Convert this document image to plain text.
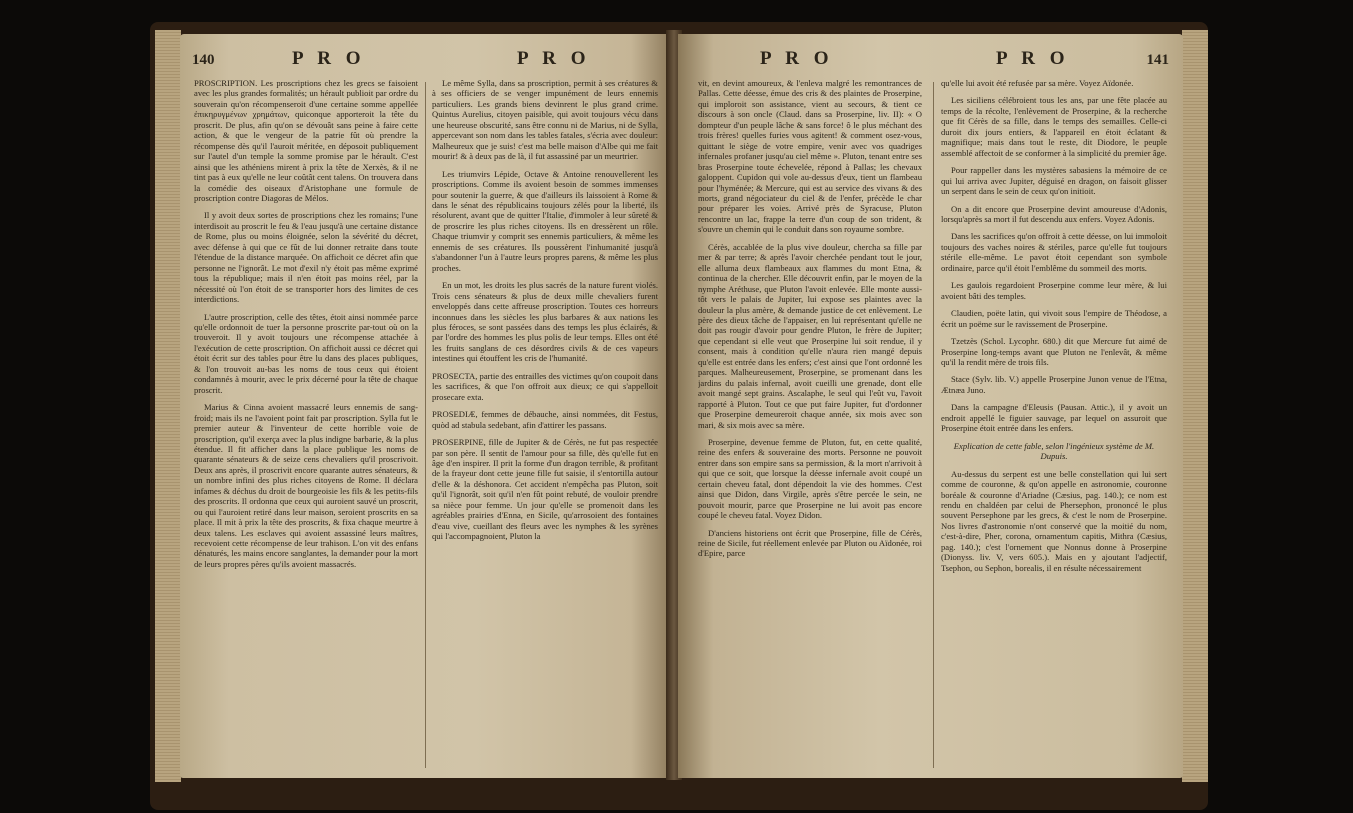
140	P R O	P R O

PROSCRIPTION. Les proscriptions chez les grecs se faisoient avec les plus grandes formalités; un hérault publioit par ordre du souverain qu'on récompenseroit d'une certaine somme appellée ἐπικηρυγμένων χρημάτων, quiconque apporteroit la tête du proscrit. De plus, afin qu'on se dévouât sans peine à faire cette action, & que le vengeur de la patrie fût où prendre la récompense dès qu'il l'auroit méritée, en déposoit publiquement sur l'autel d'un temple la somme promise par le hérault. C'est ainsi que les athéniens mirent à prix la tête de Xerxès, & il ne tint pas à eux qu'elle ne leur coûtât cent talens. On trouvera dans la comédie des oiseaux d'Aristophane une formule de proscription contre Diagoras de Mélos.

Il y avoit deux sortes de proscriptions chez les romains; l'une interdisoit au proscrit le feu & l'eau jusqu'à une certaine distance de Rome, plus ou moins éloignée, selon la sévérité du décret, avec défense à qui que ce fût de lui donner retraite dans toute l'étendue de la distance marquée. On affichoit ce décret afin que personne ne l'ignorât. Le mot d'exil n'y étoit pas même exprimé tous la république; mais il n'en étoit pas moins réel, par la nécessité où l'on étoit de se transporter hors des limites de ces interdictions.

L'autre proscription, celle des têtes, étoit ainsi nommée parce qu'elle ordonnoit de tuer la personne proscrite par-tout où on la trouveroit. Il y avoit toujours une récompense attachée à l'exécution de cette proscription. On affichoit aussi ce décret qui étoit écrit sur des tables pour être lu dans des places publiques, & l'on trouvoit au-bas les noms de tous ceux qui étoient condamnés à mourir, avec le prix décerné pour la tête de chaque proscrit.

Marius & Cinna avoient massacré leurs ennemis de sang-froid; mais ils ne l'avoient point fait par proscription. Sylla fut le premier auteur & l'inventeur de cette horrible voie de proscription, qu'il exerça avec la plus indigne barbarie, & la plus étendue. Il fit afficher dans la place publique les noms de quarante sénateurs & de seize cens chevaliers qu'il proscrivoit. Deux ans après, il proscrivit encore quarante autres sénateurs, & un nombre infini des plus riches citoyens de Rome. Il déclara infames & déchus du droit de bourgeoisie les fils & les petits-fils des proscrits. Il ordonna que ceux qui auroient sauvé un proscrit, ou qui l'auroient retiré dans leur maison, seroient proscrits en sa place. Il mit à prix la tête des proscrits, & fixa chaque meurtre à deux talens. Les esclaves qui avoient assassiné leurs maîtres, recevoient cette récompense de leur trahison. L'on vit des enfans dénaturés, les mains encore sanglantes, la demander pour la mort de leurs propres pères qu'ils avoient massacrés.

Le même Sylla, dans sa proscription, permit à ses créatures & à ses officiers de se venger impunément de leurs ennemis particuliers. Les grands biens devinrent le plus grand crime. Quintus Aurelius, citoyen paisible, qui avoit toujours vécu dans une heureuse obscurité, sans être connu ni de Marius, ni de Sylla, appercevant son nom dans les tables fatales, s'écria avec douleur: Malheureux que je suis! c'est ma belle maison d'Albe qui me fait mourir! & à deux pas de là, il fut assassiné par un meurtrier.

Les triumvirs Lépide, Octave & Antoine renouvellerent les proscriptions. Comme ils avoient besoin de sommes immenses pour soutenir la guerre, & que d'ailleurs ils laissoient à Rome & dans le sénat des républicains toujours zélés pour la liberté, ils résolurent, avant que de quitter l'Italie, d'immoler à leur sûreté & de proscrire les plus riches citoyens. Ils en dressèrent un rôle. Chaque triumvir y comprit ses ennemis particuliers, & même les ennemis de ses créatures. Ils poussèrent l'inhumanité jusqu'à s'abandonner l'un à l'autre leurs propres parens, & même les plus proches.

En un mot, les droits les plus sacrés de la nature furent violés. Trois cens sénateurs & plus de deux mille chevaliers furent enveloppés dans cette affreuse proscription. Toutes ces horreurs inconnues dans les siècles les plus barbares & aux nations les plus féroces, se sont passées dans des temps les plus éclairés, & par l'ordre des hommes les plus polis de leur temps. Elles ont été les fruits sanglans de ces désordres civils & de ces vapeurs intestines qui étouffent les cris de l'humanité.

PROSECTA, partie des entrailles des victimes qu'on coupoit dans les sacrifices, & que l'on offroit aux dieux; ce qui s'appelloit prosecare exta.

PROSEDIÆ, femmes de débauche, ainsi nommées, dit Festus, quòd ad stabula sedebant, afin d'attirer les passans.

PROSERPINE, fille de Jupiter & de Cérès, ne fut pas respectée par son père. Il sentit de l'amour pour sa fille, dès qu'elle fut en âge d'en inspirer. Il prit la forme d'un dragon terrible, & profitant de la frayeur dont cette jeune fille fut saisie, il s'entortilla autour d'elle & la déshonora. Cet accident n'empêcha pas Pluton, soit qu'il l'ignorât, soit qu'il n'en fût point rebuté, de vouloir prendre sa nièce pour femme. Un jour qu'elle se promenoit dans les agréables prairies d'Enna, en Sicile, qu'arrosoient des fontaines d'eau vive, cueillant des fleurs avec les nymphes & les syrènes qui l'accompagnoient, Pluton la

P R O	P R O	141

vit, en devint amoureux, & l'enleva malgré les remontrances de Pallas. Cette déesse, émue des cris & des plaintes de Proserpine, qui imploroit son assistance, vient au secours, & tient ce discours à son oncle (Claud. dans sa Proserpine, liv. II): « O dompteur d'un peuple lâche & sans force! ô le plus méchant des trois frères! quelles furies vous agitent! & comment osez-vous, quittant le siège de votre empire, venir avec vos quadriges infernales profaner jusqu'au ciel même ». Pluton, tenant entre ses bras Proserpine toute échevelée, répond à Pallas; les chevaux galoppent. Cupidon qui vole au-dessus d'eux, tient un flambeau pour l'hyménée; & Mercure, qui est au service des vivans & des morts, grand négociateur du ciel & de l'enfer, précède le char pour préparer les voies. Arrivé près de Syracuse, Pluton rencontre un lac, frappe la terre d'un coup de son trident, & s'ouvre un chemin qui le conduit dans son royaume sombre.

Cérès, accablée de la plus vive douleur, chercha sa fille par mer & par terre; & après l'avoir cherchée pendant tout le jour, elle alluma deux flambeaux aux flammes du mont Etna, & continua de la chercher. Elle découvrit enfin, par le moyen de la nymphe Aréthuse, que Pluton l'avoit enlevée. Elle monte aussi-tôt vers le palais de Jupiter, lui expose ses plaintes avec la douleur la plus amère, & demande justice de cet enlèvement. Le père des dieux tâche de l'appaiser, en lui représentant qu'elle ne doit pas rougir d'avoir pour gendre Pluton, le frère de Jupiter; que cependant si elle veut que Proserpine lui soit rendue, il y consent, mais à condition qu'elle n'aura rien mangé depuis qu'elle est entrée dans les enfers; c'est ainsi que l'ont ordonné les parques. Malheureusement, Proserpine, se promenant dans les jardins du palais infernal, avoit cueilli une grenade, dont elle avoit mangé sept grains. Ascalaphe, le seul qui l'eût vu, l'avoit rapporté à Pluton. Tout ce que put faire Jupiter, fut d'ordonner que Proserpine demeureroit chaque année, six mois avec son mari, & six mois avec sa mère.

Proserpine, devenue femme de Pluton, fut, en cette qualité, reine des enfers & souveraine des morts. Personne ne pouvoit entrer dans son empire sans sa permission, & la mort n'arrivoit à qui que ce soit, que lorsque la déesse infernale avoit coupé un certain cheveu fatal, dont dépendoit la vie des hommes. C'est ainsi que Didon, dans Virgile, après s'être percée le sein, ne pouvoit mourir, parce que Proserpine ne lui avoit pas encore coupé le cheveu fatal. Voyez Didon.

D'anciens historiens ont écrit que Proserpine, fille de Cérès, reine de Sicile, fut réellement enlevée par Pluton ou Aïdonée, roi d'Epire, parce

qu'elle lui avoit été refusée par sa mère. Voyez Aïdonée.

Les siciliens célébroient tous les ans, par une fête placée au temps de la récolte, l'enlèvement de Proserpine, & la recherche que fit Cérès de sa fille, dans le temps des semailles. Celle-ci duroit dix jours entiers, & l'appareil en étoit éclatant & magnifique; mais dans tout le reste, dit Diodore, le peuple assemblé affectoit de se conformer à la simplicité du premier âge.

Pour rappeller dans les mystères sabasiens la mémoire de ce qui lui arriva avec Jupiter, déguisé en dragon, on faisoit glisser un serpent dans le sein de ceux qu'on initioit.

On a dit encore que Proserpine devint amoureuse d'Adonis, lorsqu'après sa mort il fut descendu aux enfers. Voyez Adonis.

Dans les sacrifices qu'on offroit à cette déesse, on lui immoloit toujours des vaches noires & stériles, parce qu'elle fut toujours stérile elle-même. Le pavot étoit cependant son symbole ordinaire, parce qu'il étoit l'emblême du sommeil des morts.

Les gaulois regardoient Proserpine comme leur mère, & lui avoient bâti des temples.

Claudien, poëte latin, qui vivoit sous l'empire de Théodose, a écrit un poëme sur le ravissement de Proserpine.

Tzetzès (Schol. Lycophr. 680.) dit que Mercure fut aimé de Proserpine long-temps avant que Pluton ne l'enlevât, & même qu'il la rendit mère de trois fils.

Stace (Sylv. lib. V.) appelle Proserpine Junon venue de l'Etna, Ætnæa Juno.

Dans la campagne d'Eleusis (Pausan. Attic.), il y avoit un endroit appellé le figuier sauvage, par lequel on assuroit que Proserpine étoit entrée dans les enfers.

Explication de cette fable, selon l'ingénieux système de M. Dupuis.

Au-dessus du serpent est une belle constellation qui lui sert comme de couronne, & qu'on appelle en astronomie, couronne boréale & couronne d'Ariadne (Cæsius, pag. 140.); ce nom est rendu en chaldéen par celui de Phersephon, prononcé le plus souvent Persephone par les grecs, & c'est le nom de Proserpine. Nos livres d'astronomie n'ont conservé que la moitié du nom, c'est-à-dire, Pher, corona, ornamentum capitis, Mithra (Cæsius, pag. 140.); c'est l'ornement que Nonnus donne à Proserpine (Dionyss. liv. V, vers 605.). Mais en y ajoutant l'adjectif, Tsephon, ou Sephon, borealis, il en résulte nécessairement
